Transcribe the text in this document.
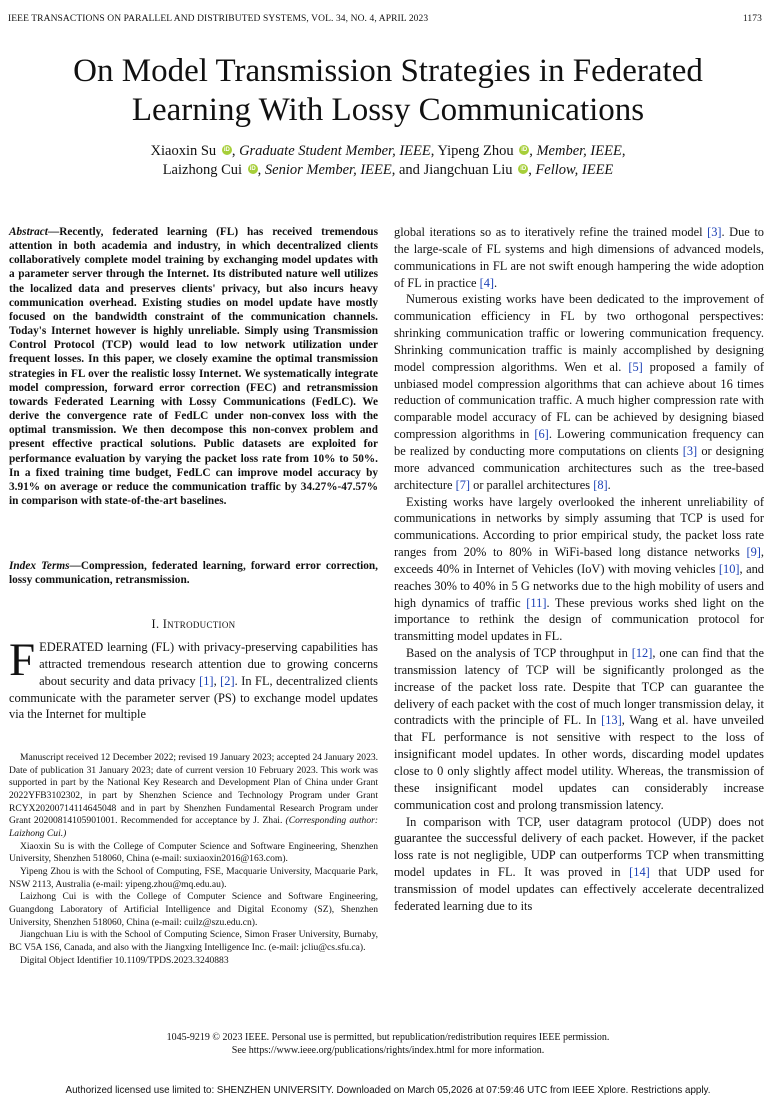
IEEE TRANSACTIONS ON PARALLEL AND DISTRIBUTED SYSTEMS, VOL. 34, NO. 4, APRIL 2023	1173
On Model Transmission Strategies in Federated
Learning With Lossy Communications
Xiaoxin Su iD , Graduate Student Member, IEEE, Yipeng Zhou iD , Member, IEEE,
Laizhong Cui iD , Senior Member, IEEE, and Jiangchuan Liu iD , Fellow, IEEE
Abstract—Recently, federated learning (FL) has received tremendous attention in both academia and industry, in which decentralized clients collaboratively complete model training by exchanging model updates with a parameter server through the Internet. Its distributed nature well utilizes the localized data and preserves clients' privacy, but also incurs heavy communication overhead. Existing studies on model update have mostly focused on the bandwidth constraint of the communication channels. Today's Internet however is highly unreliable. Simply using Transmission Control Protocol (TCP) would lead to low network utilization under frequent losses. In this paper, we closely examine the optimal transmission strategies in FL over the realistic lossy Internet. We systematically integrate model compression, forward error correction (FEC) and retransmission towards Federated Learning with Lossy Communications (FedLC). We derive the convergence rate of FedLC under non-convex loss with the optimal transmission. We then decompose this non-convex problem and present effective practical solutions. Public datasets are exploited for performance evaluation by varying the packet loss rate from 10% to 50%. In a fixed training time budget, FedLC can improve model accuracy by 3.91% on average or reduce the communication traffic by 34.27%-47.57% in comparison with state-of-the-art baselines.
Index Terms—Compression, federated learning, forward error correction, lossy communication, retransmission.
I. Introduction
FEDERATED learning (FL) with privacy-preserving capabilities has attracted tremendous research attention due to growing concerns about security and data privacy [1], [2]. In FL, decentralized clients communicate with the parameter server (PS) to exchange model updates via the Internet for multiple

Manuscript received 12 December 2022; revised 19 January 2023; accepted 24 January 2023. Date of publication 31 January 2023; date of current version 10 February 2023. This work was supported in part by the National Key Research and Development Plan of China under Grant 2022YFB3102302, in part by Shenzhen Science and Technology Program under Grant RCYX20200714114645048 and in part by Shenzhen Fundamental Research Program under Grant 20200814105901001. Recommended for acceptance by J. Zhai. (Corresponding author: Laizhong Cui.)

Xiaoxin Su is with the College of Computer Science and Software Engineering, Shenzhen University, Shenzhen 518060, China (e-mail: suxiaoxin2016@163.com).

Yipeng Zhou is with the School of Computing, FSE, Macquarie University, Macquarie Park, NSW 2113, Australia (e-mail: yipeng.zhou@mq.edu.au).

Laizhong Cui is with the College of Computer Science and Software Engineering, Guangdong Laboratory of Artificial Intelligence and Digital Economy (SZ), Shenzhen University, Shenzhen 518060, China (e-mail: cuilz@szu.edu.cn).

Jiangchuan Liu is with the School of Computing Science, Simon Fraser University, Burnaby, BC V5A 1S6, Canada, and also with the Jiangxing Intelligence Inc. (e-mail: jcliu@cs.sfu.ca).

Digital Object Identifier 10.1109/TPDS.2023.3240883

global iterations so as to iteratively refine the trained model [3]. Due to the large-scale of FL systems and high dimensions of advanced models, communications in FL are not swift enough hampering the wide adoption of FL in practice [4].

Numerous existing works have been dedicated to the improvement of communication efficiency in FL by two orthogonal perspectives: shrinking communication traffic or lowering communication frequency. Shrinking communication traffic is mainly accomplished by designing model compression algorithms. Wen et al. [5] proposed a family of unbiased model compression algorithms that can achieve about 16 times reduction of communication traffic. A much higher compression rate with comparable model accuracy of FL can be achieved by designing biased compression algorithms in [6]. Lowering communication frequency can be realized by conducting more computations on clients [3] or designing more advanced communication architectures such as the tree-based architecture [7] or parallel architectures [8].

Existing works have largely overlooked the inherent unreliability of communications in networks by simply assuming that TCP is used for communications. According to prior empirical study, the packet loss rate ranges from 20% to 80% in WiFi-based long distance networks [9], exceeds 40% in Internet of Vehicles (IoV) with moving vehicles [10], and reaches 30% to 40% in 5 G networks due to the high mobility of users and high dynamics of traffic [11]. These previous works shed light on the importance to rethink the design of communication protocol for transmitting model updates in FL.

Based on the analysis of TCP throughput in [12], one can find that the transmission latency of TCP will be significantly prolonged as the increase of the packet loss rate. Despite that TCP can guarantee the delivery of each packet with the cost of much longer transmission delay, it contradicts with the principle of FL. In [13], Wang et al. have unveiled that FL performance is not sensitive with respect to the loss of insignificant model updates. In other words, discarding model updates close to 0 only slightly affect model utility. Whereas, the transmission of these insignificant model updates can considerably increase communication cost and prolong transmission latency.

In comparison with TCP, user datagram protocol (UDP) does not guarantee the successful delivery of each packet. However, if the packet loss rate is not negligible, UDP can outperforms TCP when transmitting model updates in FL. It was proved in [14] that UDP used for transmission of model updates can effectively accelerate decentralized federated learning due to its

1045-9219 © 2023 IEEE. Personal use is permitted, but republication/redistribution requires IEEE permission.
See https://www.ieee.org/publications/rights/index.html for more information.
Authorized licensed use limited to: SHENZHEN UNIVERSITY. Downloaded on March 05,2026 at 07:59:46 UTC from IEEE Xplore. Restrictions apply.
